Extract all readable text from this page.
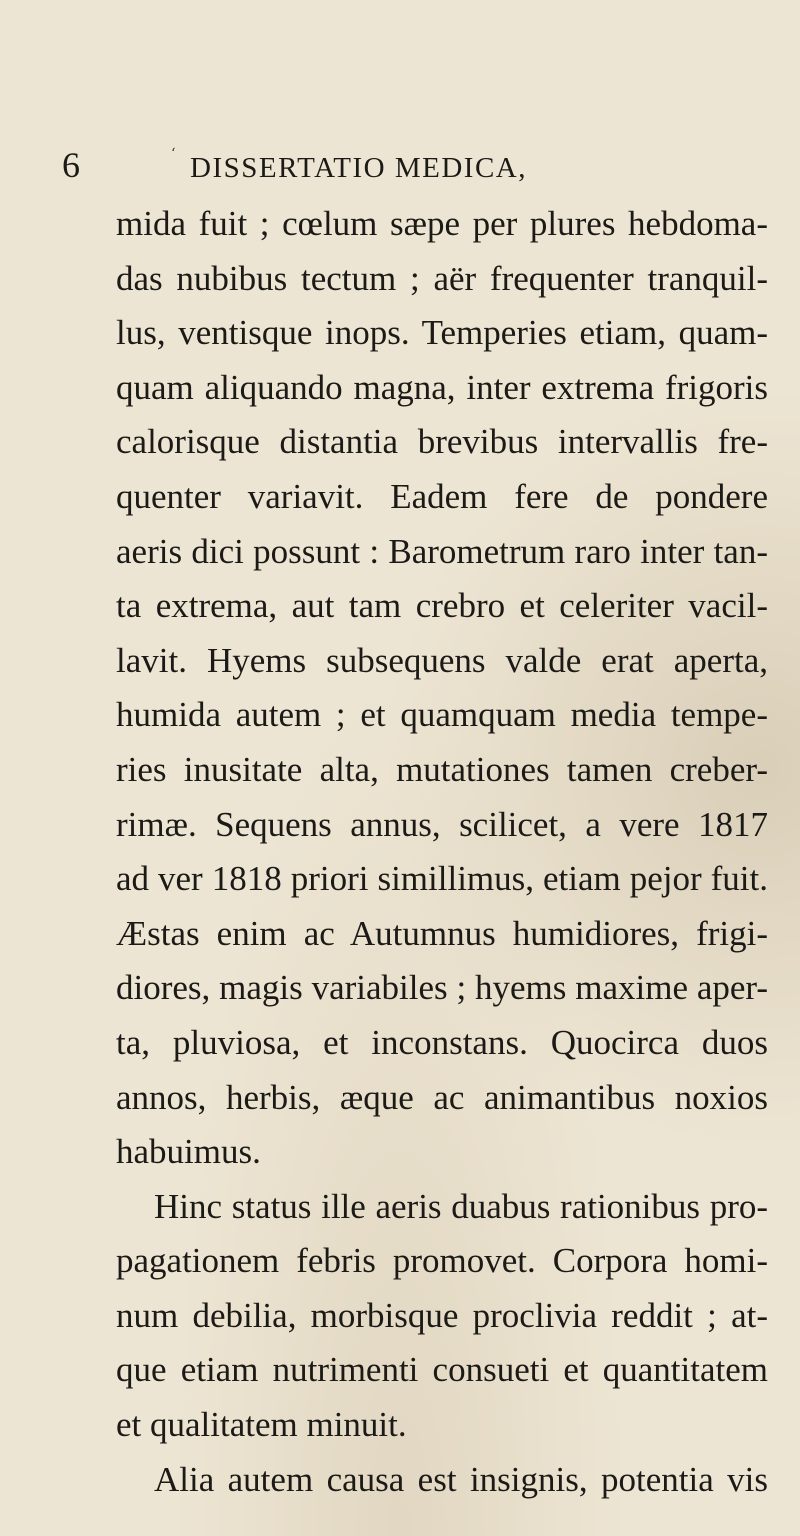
6	‘ DISSERTATIO MEDICA,
mida fuit ; cœlum sæpe per plures hebdoma-
das nubibus tectum ; aër frequenter tranquil-
lus, ventisque inops. Temperies etiam, quam-
quam aliquando magna, inter extrema frigoris
calorisque distantia brevibus intervallis fre-
quenter variavit. Eadem fere de pondere
aeris dici possunt : Barometrum raro inter tan-
ta extrema, aut tam crebro et celeriter vacil-
lavit. Hyems subsequens valde erat aperta,
humida autem ; et quamquam media tempe-
ries inusitate alta, mutationes tamen creber-
rimæ. Sequens annus, scilicet, a vere 1817
ad ver 1818 priori simillimus, etiam pejor fuit.
Æstas enim ac Autumnus humidiores, frigi-
diores, magis variabiles ; hyems maxime aper-
ta, pluviosa, et inconstans. Quocirca duos
annos, herbis, æque ac animantibus noxios
habuimus.
Hinc status ille aeris duabus rationibus pro-
pagationem febris promovet. Corpora homi-
num debilia, morbisque proclivia reddit ; at-
que etiam nutrimenti consueti et quantitatem
et qualitatem minuit.
Alia autem causa est insignis, potentia vis
